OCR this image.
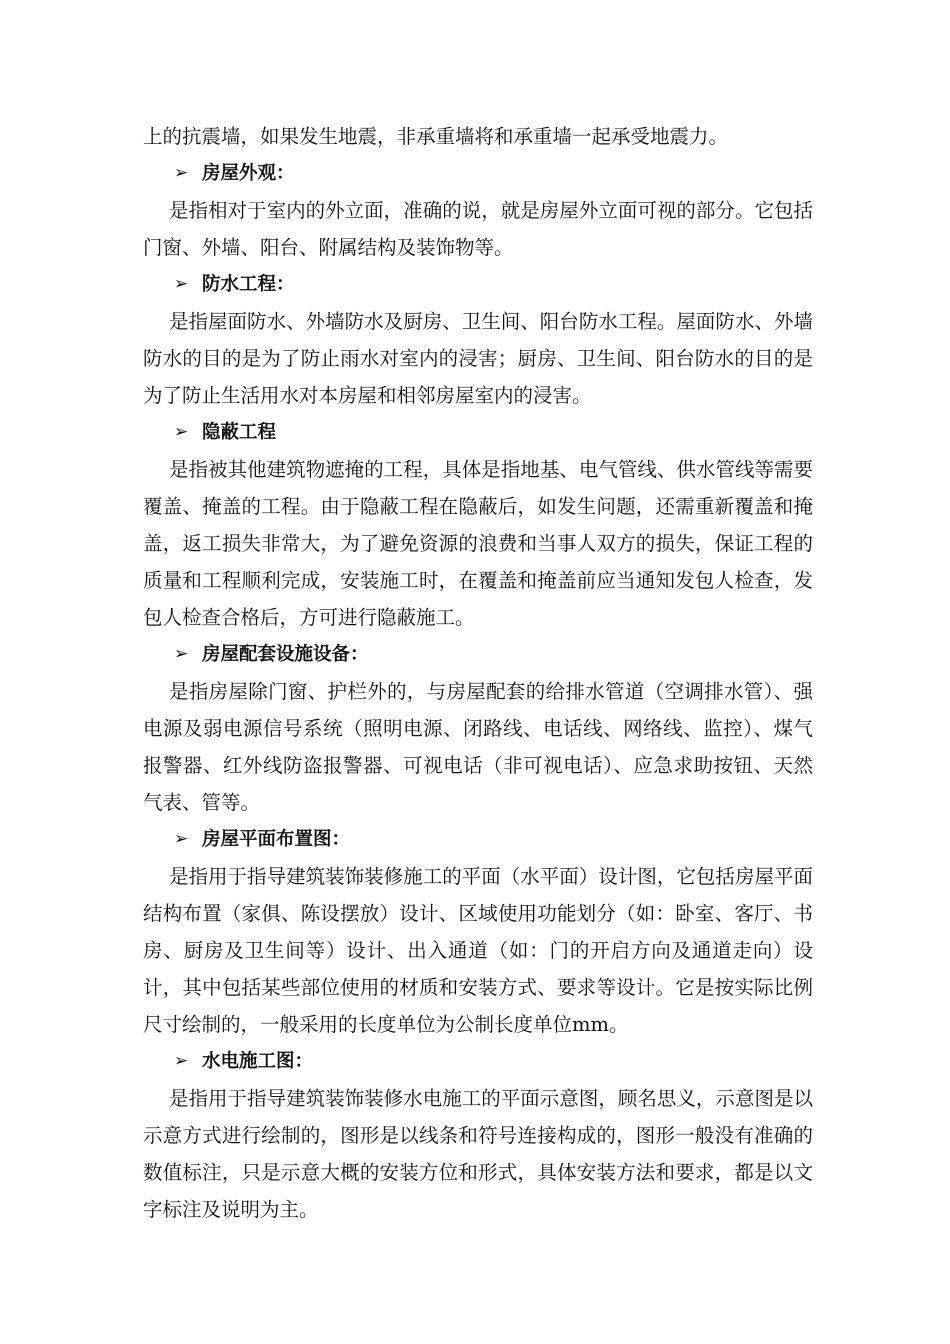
上的抗震墙，如果发生地震，非承重墙将和承重墙一起承受地震力。

➢ 房屋外观：

是指相对于室内的外立面，准确的说，就是房屋外立面可视的部分。它包括门窗、外墙、阳台、附属结构及装饰物等。

➢ 防水工程：

是指屋面防水、外墙防水及厨房、卫生间、阳台防水工程。屋面防水、外墙防水的目的是为了防止雨水对室内的浸害；厨房、卫生间、阳台防水的目的是为了防止生活用水对本房屋和相邻房屋室内的浸害。

➢ 隐蔽工程

是指被其他建筑物遮掩的工程，具体是指地基、电气管线、供水管线等需要覆盖、掩盖的工程。由于隐蔽工程在隐蔽后，如发生问题，还需重新覆盖和掩盖，返工损失非常大，为了避免资源的浪费和当事人双方的损失，保证工程的质量和工程顺利完成，安装施工时，在覆盖和掩盖前应当通知发包人检查，发包人检查合格后，方可进行隐蔽施工。

➢ 房屋配套设施设备：

是指房屋除门窗、护栏外的，与房屋配套的给排水管道（空调排水管）、强电源及弱电源信号系统（照明电源、闭路线、电话线、网络线、监控）、煤气报警器、红外线防盗报警器、可视电话（非可视电话）、应急求助按钮、天然气表、管等。

➢ 房屋平面布置图：

是指用于指导建筑装饰装修施工的平面（水平面）设计图，它包括房屋平面结构布置（家俱、陈设摆放）设计、区域使用功能划分（如：卧室、客厅、书房、厨房及卫生间等）设计、出入通道（如：门的开启方向及通道走向）设计，其中包括某些部位使用的材质和安装方式、要求等设计。它是按实际比例尺寸绘制的，一般采用的长度单位为公制长度单位mm。

➢ 水电施工图：

是指用于指导建筑装饰装修水电施工的平面示意图，顾名思义，示意图是以示意方式进行绘制的，图形是以线条和符号连接构成的，图形一般没有准确的数值标注，只是示意大概的安装方位和形式，具体安装方法和要求，都是以文字标注及说明为主。
